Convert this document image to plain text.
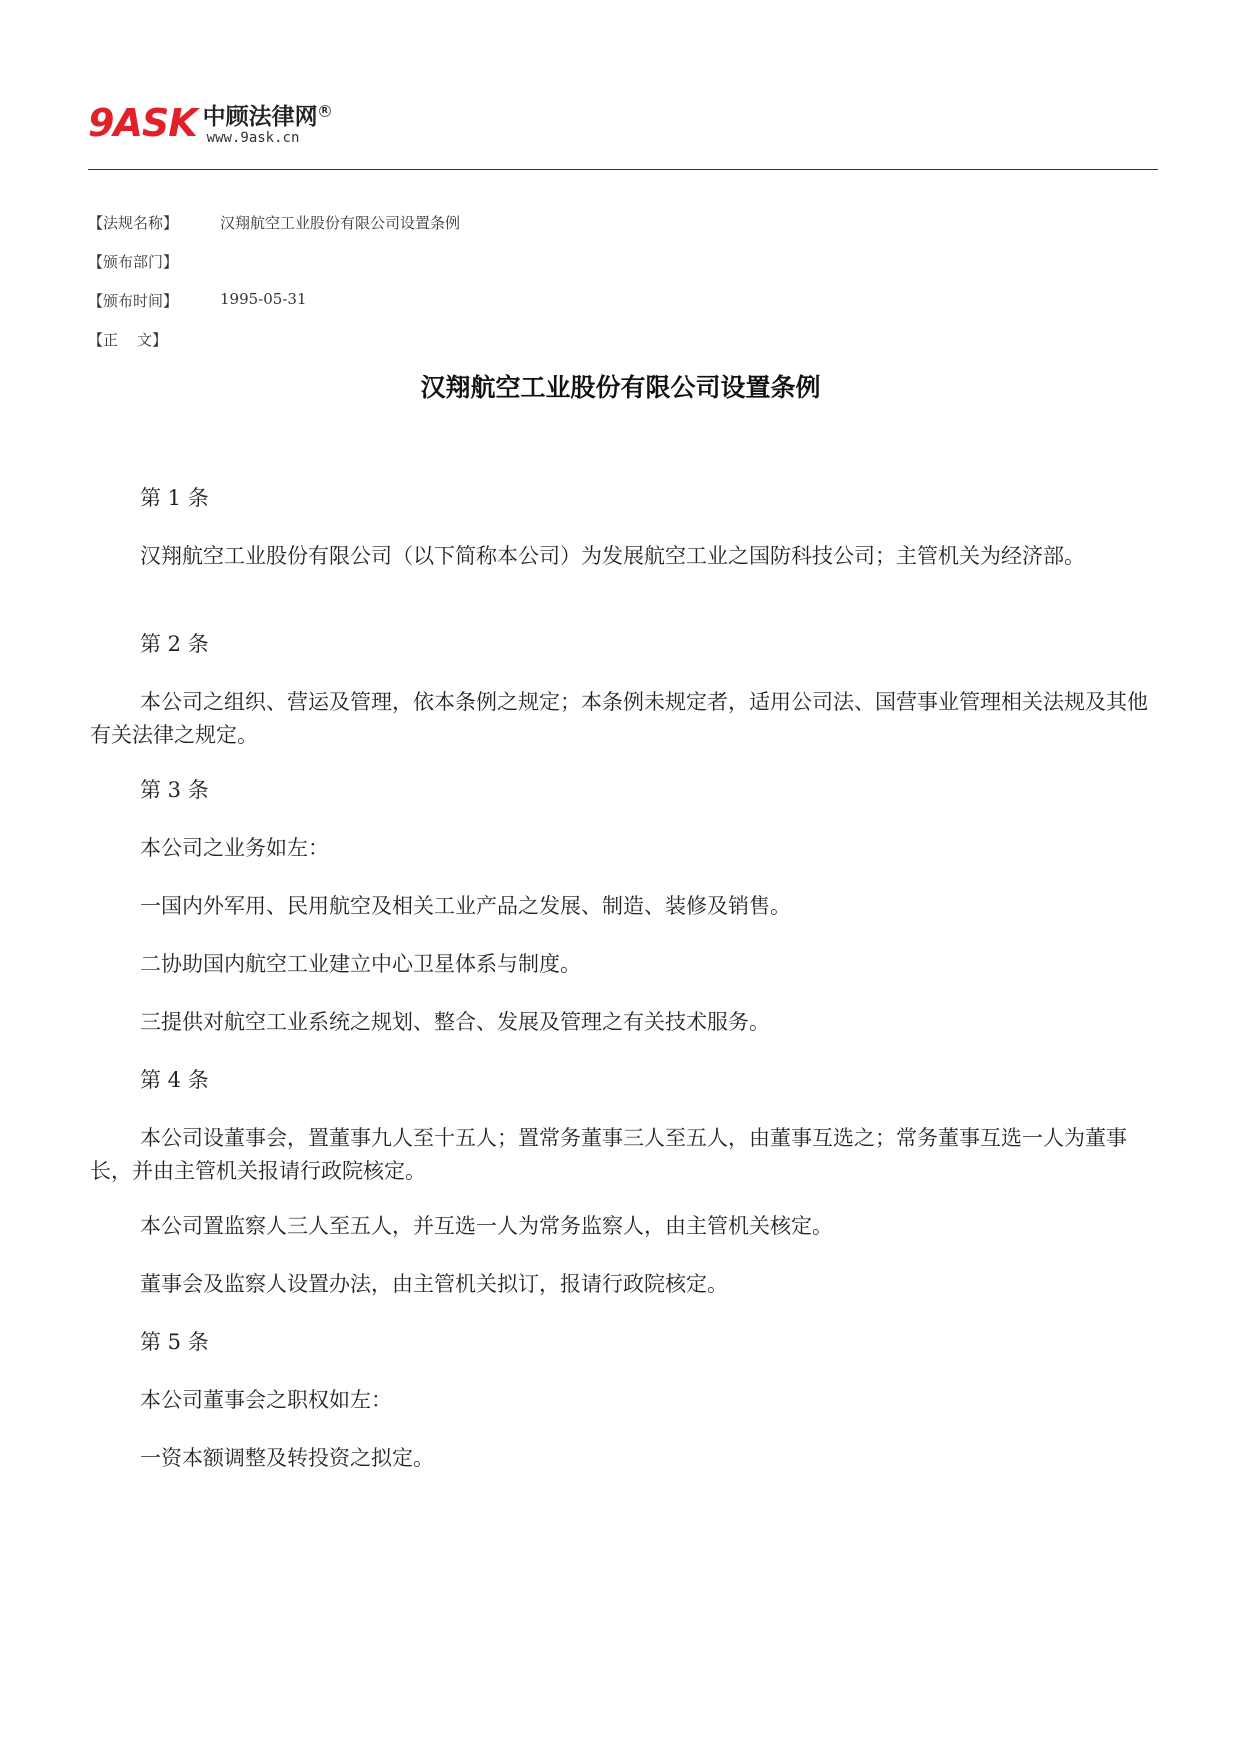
9ASK 中顾法律网 R
www.9ask.cn
【法规名称】	汉翔航空工业股份有限公司设置条例
【颁布部门】
【颁布时间】	1995-05-31
【正    文】
汉翔航空工业股份有限公司设置条例
第 1 条
汉翔航空工业股份有限公司（以下简称本公司）为发展航空工业之国防科技公司；主管机关为经济部。
第 2 条
本公司之组织、营运及管理，依本条例之规定；本条例未规定者，适用公司法、国营事业管理相关法规及其他有关法律之规定。
第 3 条
本公司之业务如左：
一国内外军用、民用航空及相关工业产品之发展、制造、装修及销售。
二协助国内航空工业建立中心卫星体系与制度。
三提供对航空工业系统之规划、整合、发展及管理之有关技术服务。
第 4 条
本公司设董事会，置董事九人至十五人；置常务董事三人至五人，由董事互选之；常务董事互选一人为董事长，并由主管机关报请行政院核定。
本公司置监察人三人至五人，并互选一人为常务监察人，由主管机关核定。
董事会及监察人设置办法，由主管机关拟订，报请行政院核定。
第 5 条
本公司董事会之职权如左：
一资本额调整及转投资之拟定。
